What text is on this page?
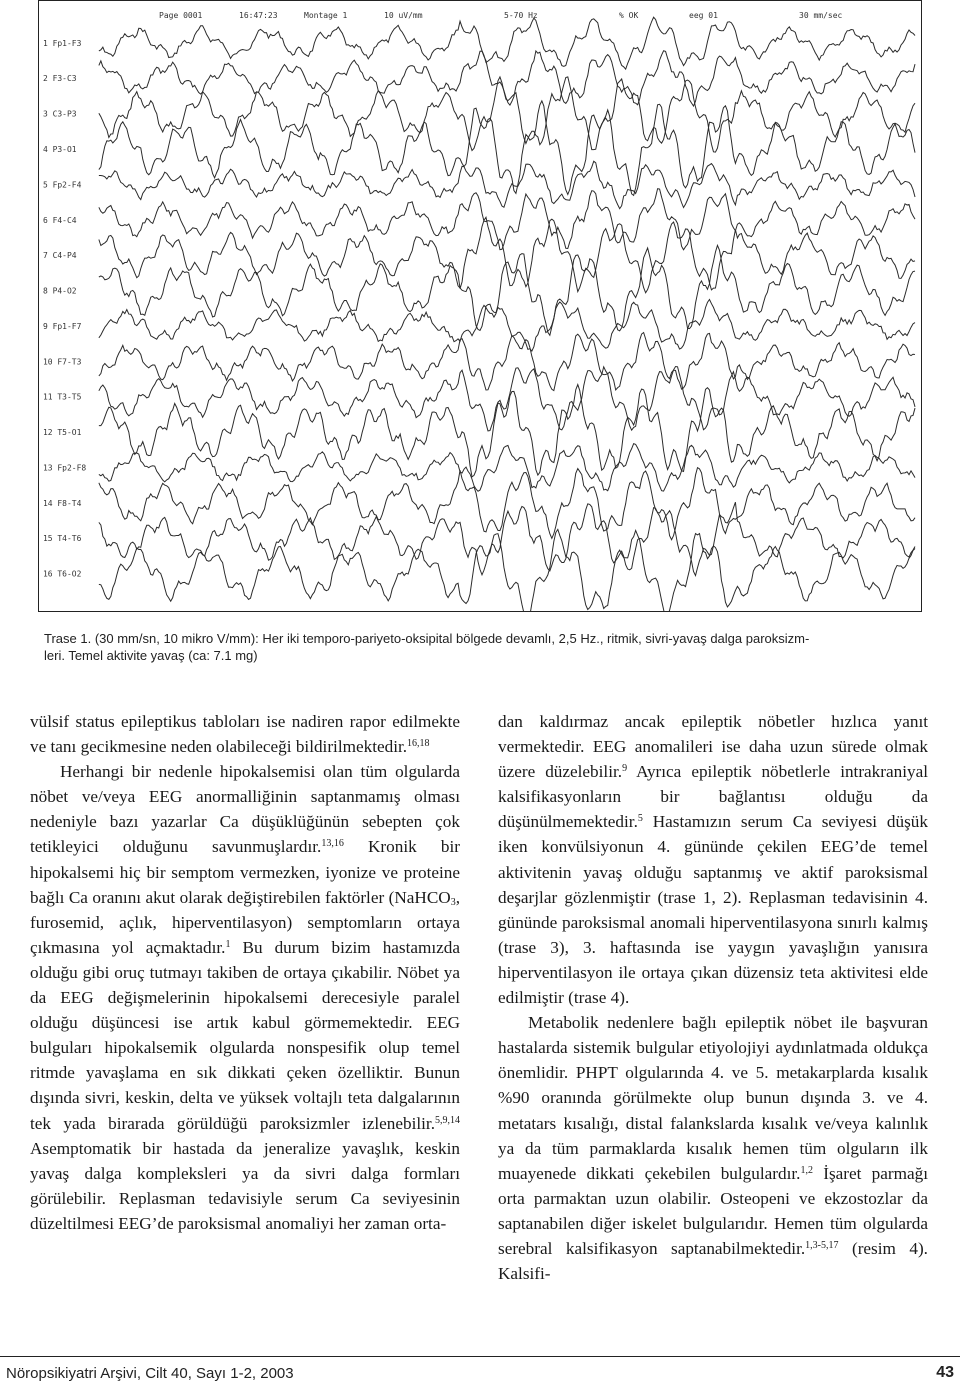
Page 0001	16:47:23	Montage 1	10 uV/mm	5-70 Hz	% OK	eeg 01	30 mm/sec
1 Fp1-F3
2 F3-C3
3 C3-P3
4 P3-O1
5 Fp2-F4
6 F4-C4
7 C4-P4
8 P4-O2
9 Fp1-F7
10 F7-T3
11 T3-T5
12 T5-O1
13 Fp2-F8
14 F8-T4
15 T4-T6
16 T6-O2
Trase 1. (30 mm/sn, 10 mikro V/mm): Her iki temporo-pariyeto-oksipital bölgede devamlı, 2,5 Hz., ritmik, sivri-yavaş dalga paroksizm-
leri. Temel aktivite yavaş (ca: 7.1 mg)

vülsif status epileptikus tabloları ise nadiren rapor edilmekte ve tanı gecikmesine neden olabileceği bildirilmektedir.$^{16,18}$

Herhangi bir nedenle hipokalsemisi olan tüm olgularda nöbet ve/veya EEG anormalliğinin saptanmamış olması nedeniyle bazı yazarlar Ca düşüklüğünün sebepten çok tetikleyici olduğunu savunmuşlardır.$^{13,16}$ Kronik bir hipokalsemi hiç bir semptom vermezken, iyonize ve proteine bağlı Ca oranını akut olarak değiştirebilen faktörler (NaHCO$_3$, furosemid, açlık, hiperventilasyon) semptomların ortaya çıkmasına yol açmaktadır.$^1$ Bu durum bizim hastamızda olduğu gibi oruç tutmayı takiben de ortaya çıkabilir. Nöbet ya da EEG değişmelerinin hipokalsemi derecesiyle paralel olduğu düşüncesi ise artık kabul görmemektedir. EEG bulguları hipokalsemik olgularda nonspesifik olup temel ritmde yavaşlama en sık dikkati çeken özelliktir. Bunun dışında sivri, keskin, delta ve yüksek voltajlı teta dalgalarının tek yada birarada görüldüğü paroksizmler izlenebilir.$^{5,9,14}$ Asemptomatik bir hastada da jeneralize yavaşlık, keskin yavaş dalga kompleksleri ya da sivri dalga formları görülebilir. Replasman tedavisiyle serum Ca seviyesinin düzeltilmesi EEG’de paroksismal anomaliyi her zaman orta-

dan kaldırmaz ancak epileptik nöbetler hızlıca yanıt vermektedir. EEG anomalileri ise daha uzun sürede olmak üzere düzelebilir.$^9$ Ayrıca epileptik nöbetlerle intrakraniyal kalsifikasyonların bir bağlantısı olduğu da düşünülmemektedir.$^5$ Hastamızın serum Ca seviyesi düşük iken konvülsiyonun 4. gününde çekilen EEG’de temel aktivitenin yavaş olduğu saptanmış ve aktif paroksismal deşarjlar gözlenmiştir (trase 1, 2). Replasman tedavisinin 4. gününde paroksismal anomali hiperventilasyona sınırlı kalmış (trase 3), 3. haftasında ise yaygın yavaşlığın yanısıra hiperventilasyon ile ortaya çıkan düzensiz teta aktivitesi elde edilmiştir (trase 4).

Metabolik nedenlere bağlı epileptik nöbet ile başvuran hastalarda sistemik bulgular etiyolojiyi aydınlatmada oldukça önemlidir. PHPT olgularında 4. ve 5. metakarplarda kısalık %90 oranında görülmekte olup bunun dışında 3. ve 4. metatars kısalığı, distal falankslarda kısalık ve/veya kalınlık ya da tüm parmaklarda kısalık hemen tüm olguların ilk muayenede dikkati çekebilen bulgulardır.$^{1,2}$ İşaret parmağı orta parmaktan uzun olabilir. Osteopeni ve ekzostozlar da saptanabilen diğer iskelet bulgularıdır. Hemen tüm olgularda serebral kalsifikasyon saptanabilmektedir.$^{1,3-5,17}$ (resim 4). Kalsifi-

Nöropsikiyatri Arşivi, Cilt 40, Sayı 1-2, 2003	43
